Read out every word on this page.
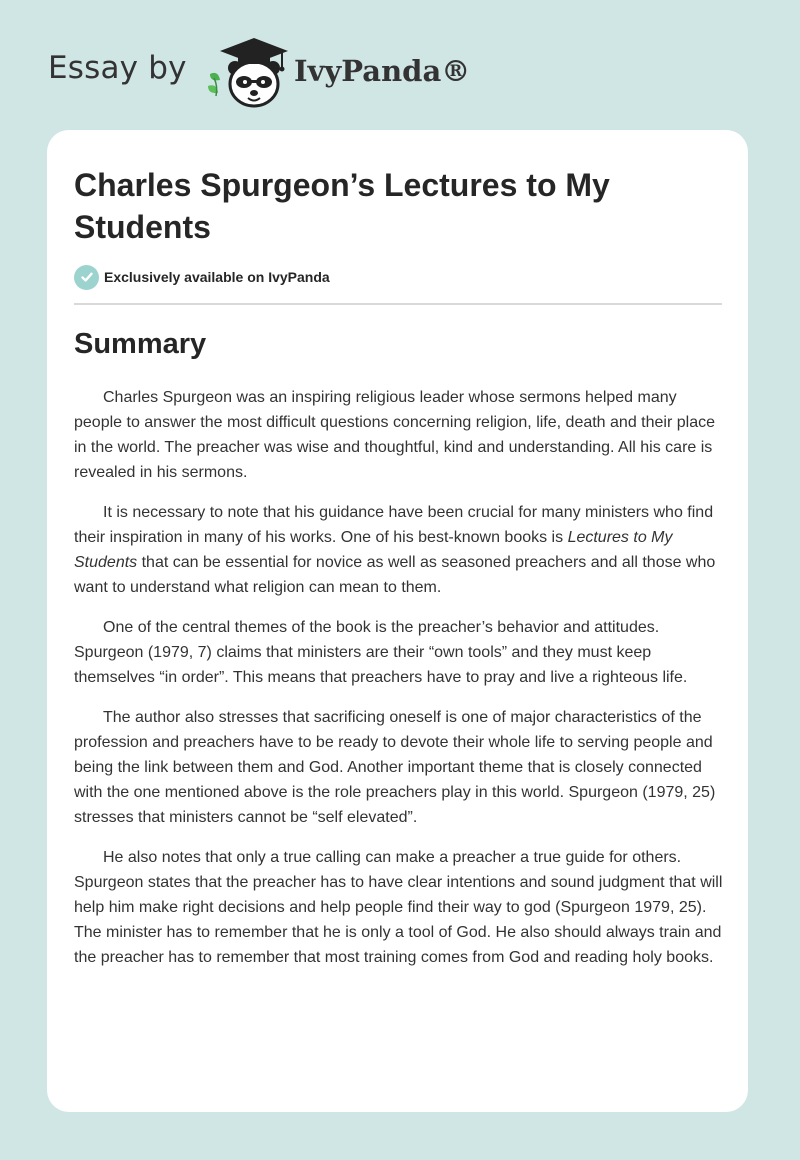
Essay by	IvyPanda®
Charles Spurgeon’s Lectures to My Students
Exclusively available on IvyPanda
Summary

Charles Spurgeon was an inspiring religious leader whose sermons helped many people to answer the most difficult questions concerning religion, life, death and their place in the world. The preacher was wise and thoughtful, kind and understanding. All his care is revealed in his sermons.

It is necessary to note that his guidance have been crucial for many ministers who find their inspiration in many of his works. One of his best-known books is Lectures to My Students that can be essential for novice as well as seasoned preachers and all those who want to understand what religion can mean to them.

One of the central themes of the book is the preacher’s behavior and attitudes. Spurgeon (1979, 7) claims that ministers are their “own tools” and they must keep themselves “in order”. This means that preachers have to pray and live a righteous life.

The author also stresses that sacrificing oneself is one of major characteristics of the profession and preachers have to be ready to devote their whole life to serving people and being the link between them and God. Another important theme that is closely connected with the one mentioned above is the role preachers play in this world. Spurgeon (1979, 25) stresses that ministers cannot be “self elevated”.

He also notes that only a true calling can make a preacher a true guide for others. Spurgeon states that the preacher has to have clear intentions and sound judgment that will help him make right decisions and help people find their way to god (Spurgeon 1979, 25). The minister has to remember that he is only a tool of God. He also should always train and the preacher has to remember that most training comes from God and reading holy books.
